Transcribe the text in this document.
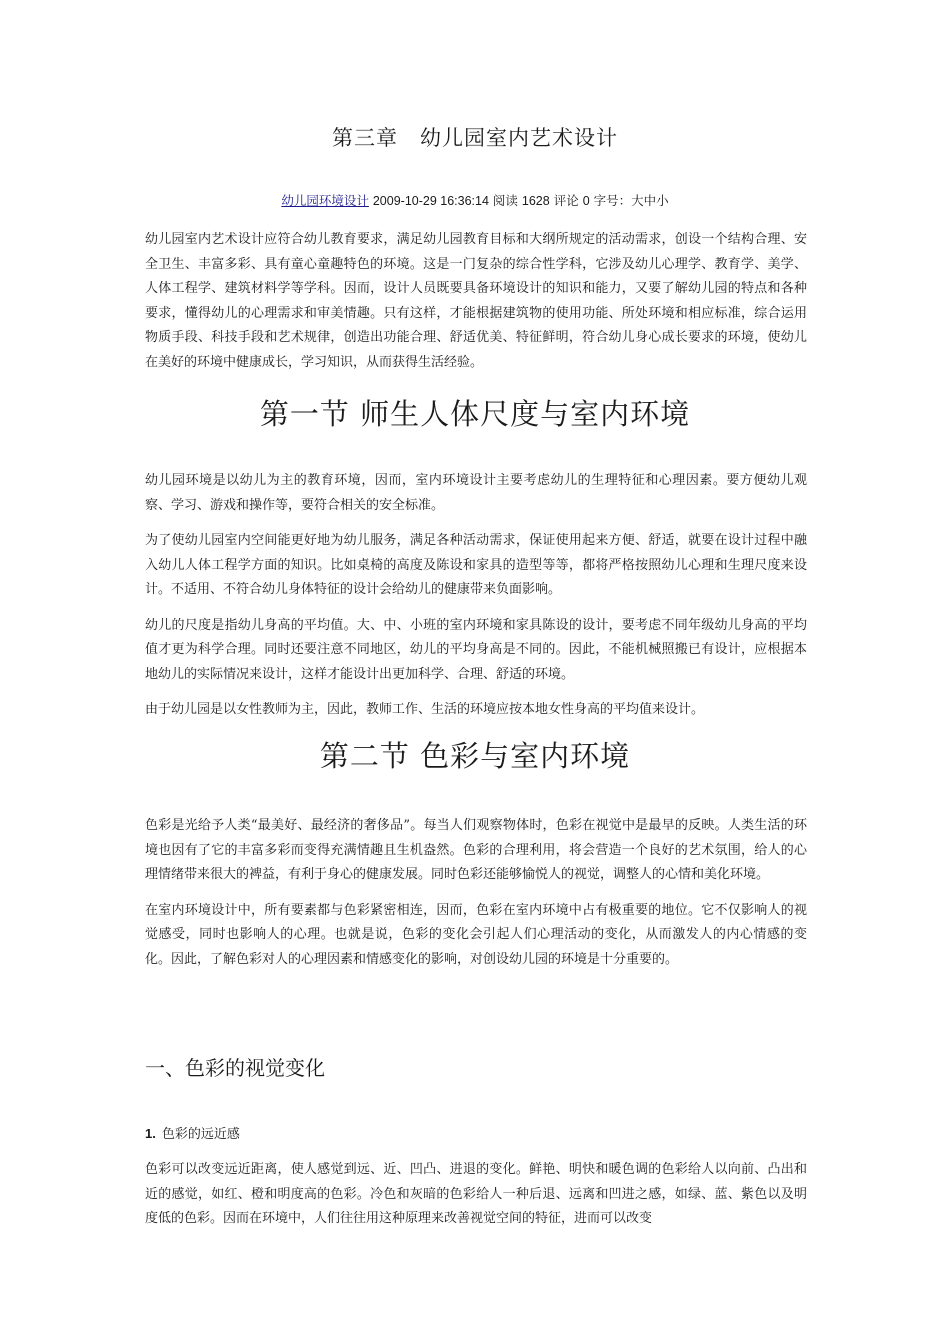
第三章　幼儿园室内艺术设计
幼儿园环境设计 2009-10-29 16:36:14 阅读 1628 评论 0 字号：大中小

幼儿园室内艺术设计应符合幼儿教育要求，满足幼儿园教育目标和大纲所规定的活动需求，创设一个结构合理、安全卫生、丰富多彩、具有童心童趣特色的环境。这是一门复杂的综合性学科，它涉及幼儿心理学、教育学、美学、人体工程学、建筑材料学等学科。因而，设计人员既要具备环境设计的知识和能力，又要了解幼儿园的特点和各种要求，懂得幼儿的心理需求和审美情趣。只有这样，才能根据建筑物的使用功能、所处环境和相应标准，综合运用物质手段、科技手段和艺术规律，创造出功能合理、舒适优美、特征鲜明，符合幼儿身心成长要求的环境，使幼儿在美好的环境中健康成长，学习知识，从而获得生活经验。

第一节 师生人体尺度与室内环境

幼儿园环境是以幼儿为主的教育环境，因而，室内环境设计主要考虑幼儿的生理特征和心理因素。要方便幼儿观察、学习、游戏和操作等，要符合相关的安全标准。

为了使幼儿园室内空间能更好地为幼儿服务，满足各种活动需求，保证使用起来方便、舒适，就要在设计过程中融入幼儿人体工程学方面的知识。比如桌椅的高度及陈设和家具的造型等等，都将严格按照幼儿心理和生理尺度来设计。不适用、不符合幼儿身体特征的设计会给幼儿的健康带来负面影响。

幼儿的尺度是指幼儿身高的平均值。大、中、小班的室内环境和家具陈设的设计，要考虑不同年级幼儿身高的平均值才更为科学合理。同时还要注意不同地区，幼儿的平均身高是不同的。因此，不能机械照搬已有设计，应根据本地幼儿的实际情况来设计，这样才能设计出更加科学、合理、舒适的环境。

由于幼儿园是以女性教师为主，因此，教师工作、生活的环境应按本地女性身高的平均值来设计。

第二节 色彩与室内环境

色彩是光给予人类“最美好、最经济的奢侈品”。每当人们观察物体时，色彩在视觉中是最早的反映。人类生活的环境也因有了它的丰富多彩而变得充满情趣且生机盎然。色彩的合理利用，将会营造一个良好的艺术氛围，给人的心理情绪带来很大的裨益，有利于身心的健康发展。同时色彩还能够愉悦人的视觉，调整人的心情和美化环境。

在室内环境设计中，所有要素都与色彩紧密相连，因而，色彩在室内环境中占有极重要的地位。它不仅影响人的视觉感受，同时也影响人的心理。也就是说，色彩的变化会引起人们心理活动的变化，从而激发人的内心情感的变化。因此，了解色彩对人的心理因素和情感变化的影响，对创设幼儿园的环境是十分重要的。

一、色彩的视觉变化
1. 色彩的远近感

色彩可以改变远近距离，使人感觉到远、近、凹凸、进退的变化。鲜艳、明快和暖色调的色彩给人以向前、凸出和近的感觉，如红、橙和明度高的色彩。冷色和灰暗的色彩给人一种后退、远离和凹进之感，如绿、蓝、紫色以及明度低的色彩。因而在环境中，人们往往用这种原理来改善视觉空间的特征，进而可以改变
